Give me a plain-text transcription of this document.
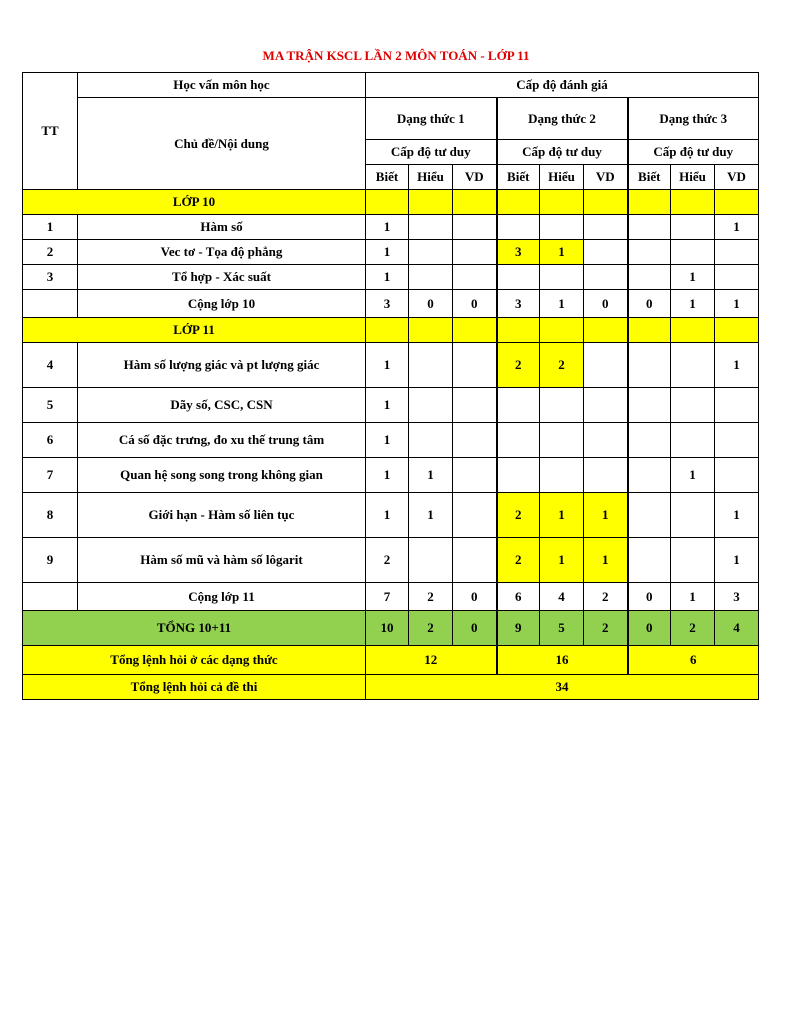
MA TRẬN KSCL LẦN 2 MÔN TOÁN - LỚP 11
TT	Học vấn môn học	Cấp độ đánh giá								
	Chủ đề/Nội dung	Dạng thức 1			Dạng thức 2			Dạng thức 3		
		Cấp độ tư duy			Cấp độ tư duy			Cấp độ tư duy		
		Biết	Hiểu	VD	Biết	Hiểu	VD	Biết	Hiểu	VD
LỚP 10										
1	Hàm số	1								1
2	Vec tơ - Tọa độ phẳng	1			3	1				
3	Tổ hợp - Xác suất	1							1	
	Cộng lớp 10	3	0	0	3	1	0	0	1	1
LỚP 11										
4	Hàm số lượng giác và pt lượng giác	1			2	2				1
5	Dãy số, CSC, CSN	1								
6	Cá số đặc trưng, đo xu thế trung tâm	1								
7	Quan hệ song song trong không gian	1	1						1	
8	Giới hạn - Hàm số liên tục	1	1		2	1	1			1
9	Hàm số mũ và hàm số lôgarit	2			2	1	1			1
	Cộng lớp 11	7	2	0	6	4	2	0	1	3
TỔNG 10+11		10	2	0	9	5	2	0	2	4
Tổng lệnh hỏi ở các dạng thức		12			16			6		
Tổng lệnh hỏi cả đề thi		34								
